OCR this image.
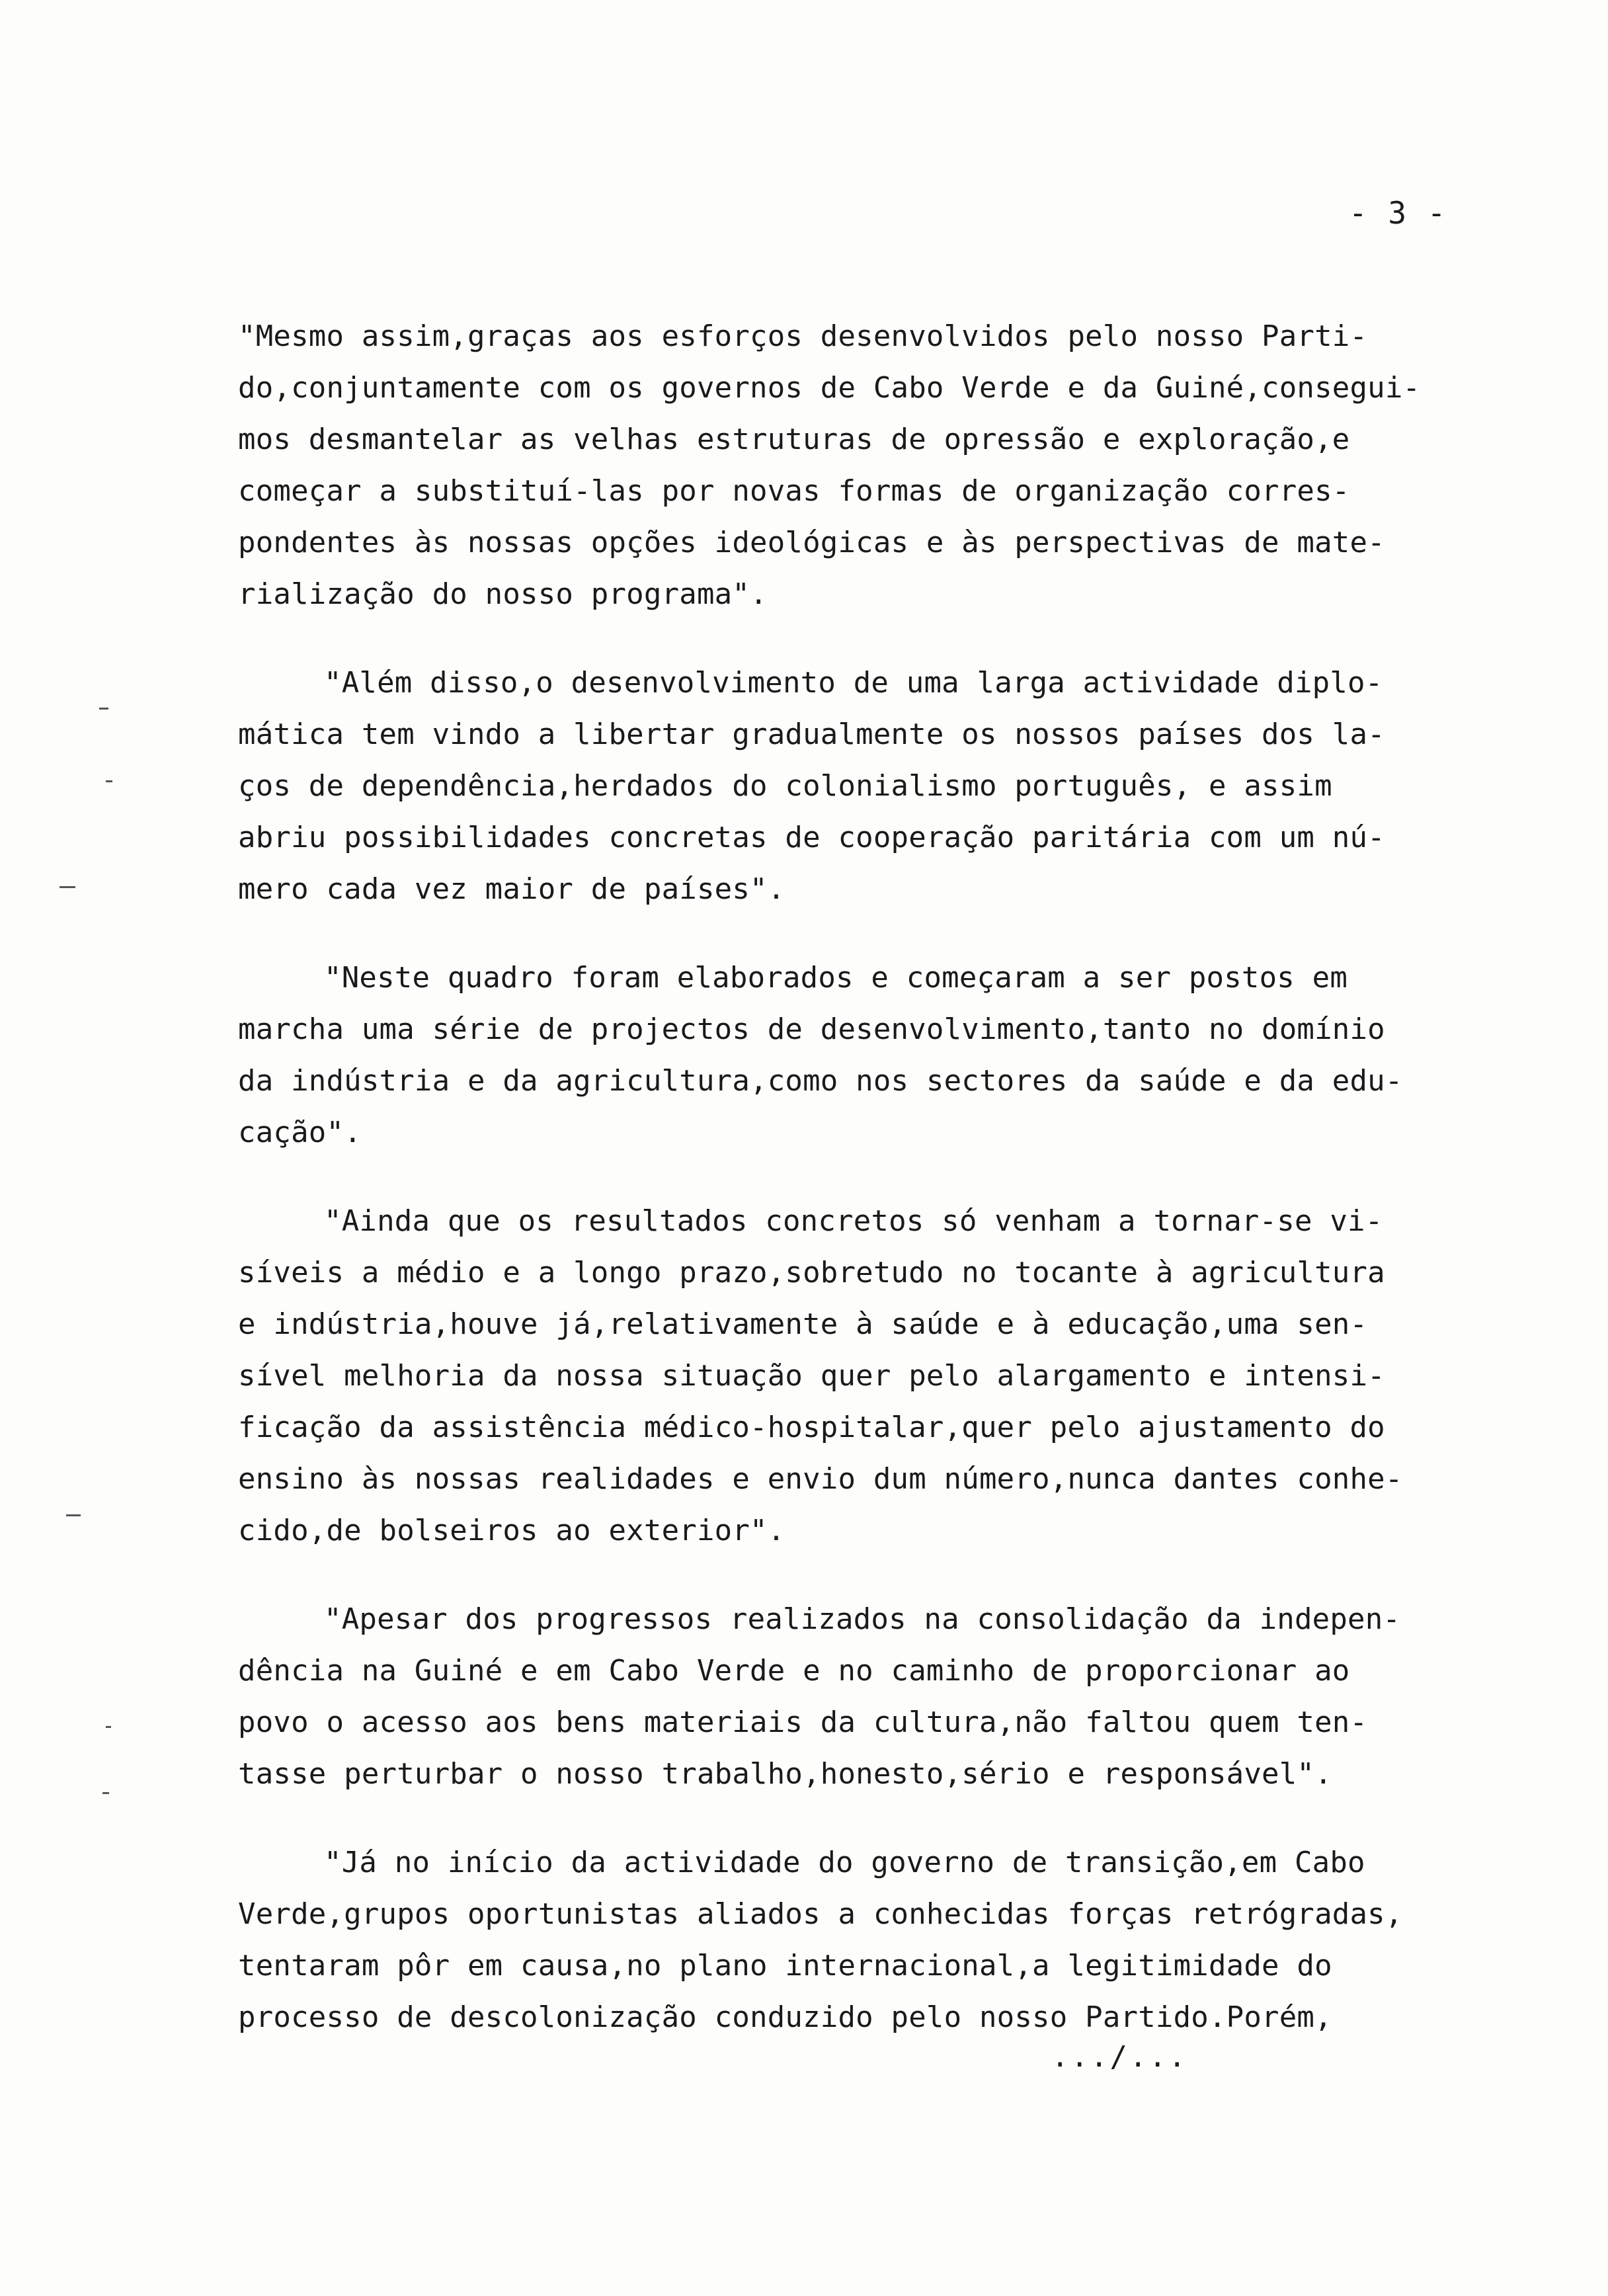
- 3 -
"Mesmo assim,graças aos esforços desenvolvidos pelo nosso Parti-
do,conjuntamente com os governos de Cabo Verde e da Guiné,consegui-
mos desmantelar as velhas estruturas de opressão e exploração,e
começar a substituí-las por novas formas de organização corres-
pondentes às nossas opções ideológicas e às perspectivas de mate-
rialização do nosso programa".
"Além disso,o desenvolvimento de uma larga actividade diplo-
mática tem vindo a libertar gradualmente os nossos países dos la-
ços de dependência,herdados do colonialismo português, e assim
abriu possibilidades concretas de cooperação paritária com um nú-
mero cada vez maior de países".
"Neste quadro foram elaborados e começaram a ser postos em
marcha uma série de projectos de desenvolvimento,tanto no domínio
da indústria e da agricultura,como nos sectores da saúde e da edu-
cação".
"Ainda que os resultados concretos só venham a tornar-se vi-
síveis a médio e a longo prazo,sobretudo no tocante à agricultura
e indústria,houve já,relativamente à saúde e à educação,uma sen-
sível melhoria da nossa situação quer pelo alargamento e intensi-
ficação da assistência médico-hospitalar,quer pelo ajustamento do
ensino às nossas realidades e envio dum número,nunca dantes conhe-
cido,de bolseiros ao exterior".
"Apesar dos progressos realizados na consolidação da indepen-
dência na Guiné e em Cabo Verde e no caminho de proporcionar ao
povo o acesso aos bens materiais da cultura,não faltou quem ten-
tasse perturbar o nosso trabalho,honesto,sério e responsável".
"Já no início da actividade do governo de transição,em Cabo
Verde,grupos oportunistas aliados a conhecidas forças retrógradas,
tentaram pôr em causa,no plano internacional,a legitimidade do
processo de descolonização conduzido pelo nosso Partido.Porém,
.../...
